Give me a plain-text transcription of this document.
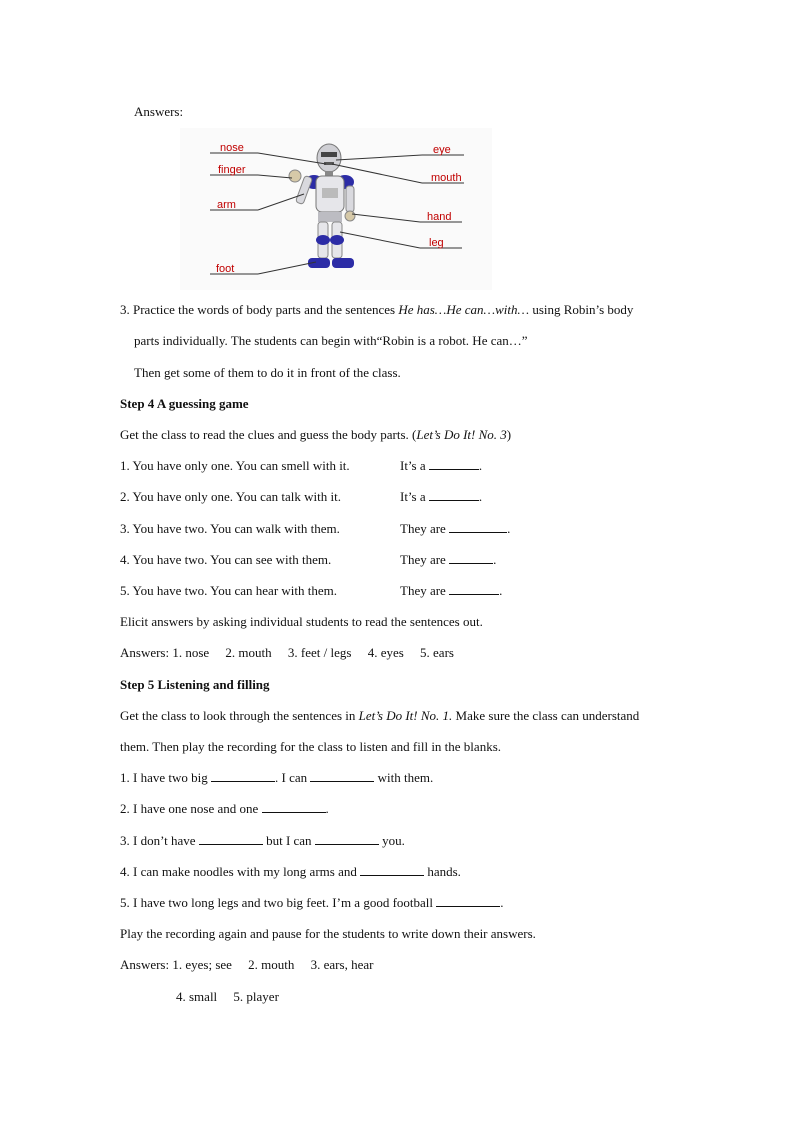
Answers:
nose
finger
arm
foot
eye
mouth
hand
leg
3. Practice the words of body parts and the sentences He has…He can…with… using Robin’s body
parts individually. The students can begin with“Robin is a robot. He can…”
Then get some of them to do it in front of the class.
Step 4 A guessing game
Get the class to read the clues and guess the body parts. (Let’s Do It! No. 3)
1. You have only one. You can smell with it.	It’s a	.
2. You have only one. You can talk with it.	It’s a	.
3. You have two. You can walk with them.	They are	.
4. You have two. You can see with them.	They are	.
5. You have two. You can hear with them.	They are	.
Elicit answers by asking individual students to read the sentences out.
Answers: 1. nose     2. mouth     3. feet / legs     4. eyes     5. ears
Step 5 Listening and filling
Get the class to look through the sentences in Let’s Do It! No. 1. Make sure the class can understand
them. Then play the recording for the class to listen and fill in the blanks.
1. I have two big	. I can	with them.
2. I have one nose and one	.
3. I don’t have	but I can	you.
4. I can make noodles with my long arms and	hands.
5. I have two long legs and two big feet. I’m a good football	.
Play the recording again and pause for the students to write down their answers.
Answers: 1. eyes; see     2. mouth     3. ears, hear
4. small     5. player
